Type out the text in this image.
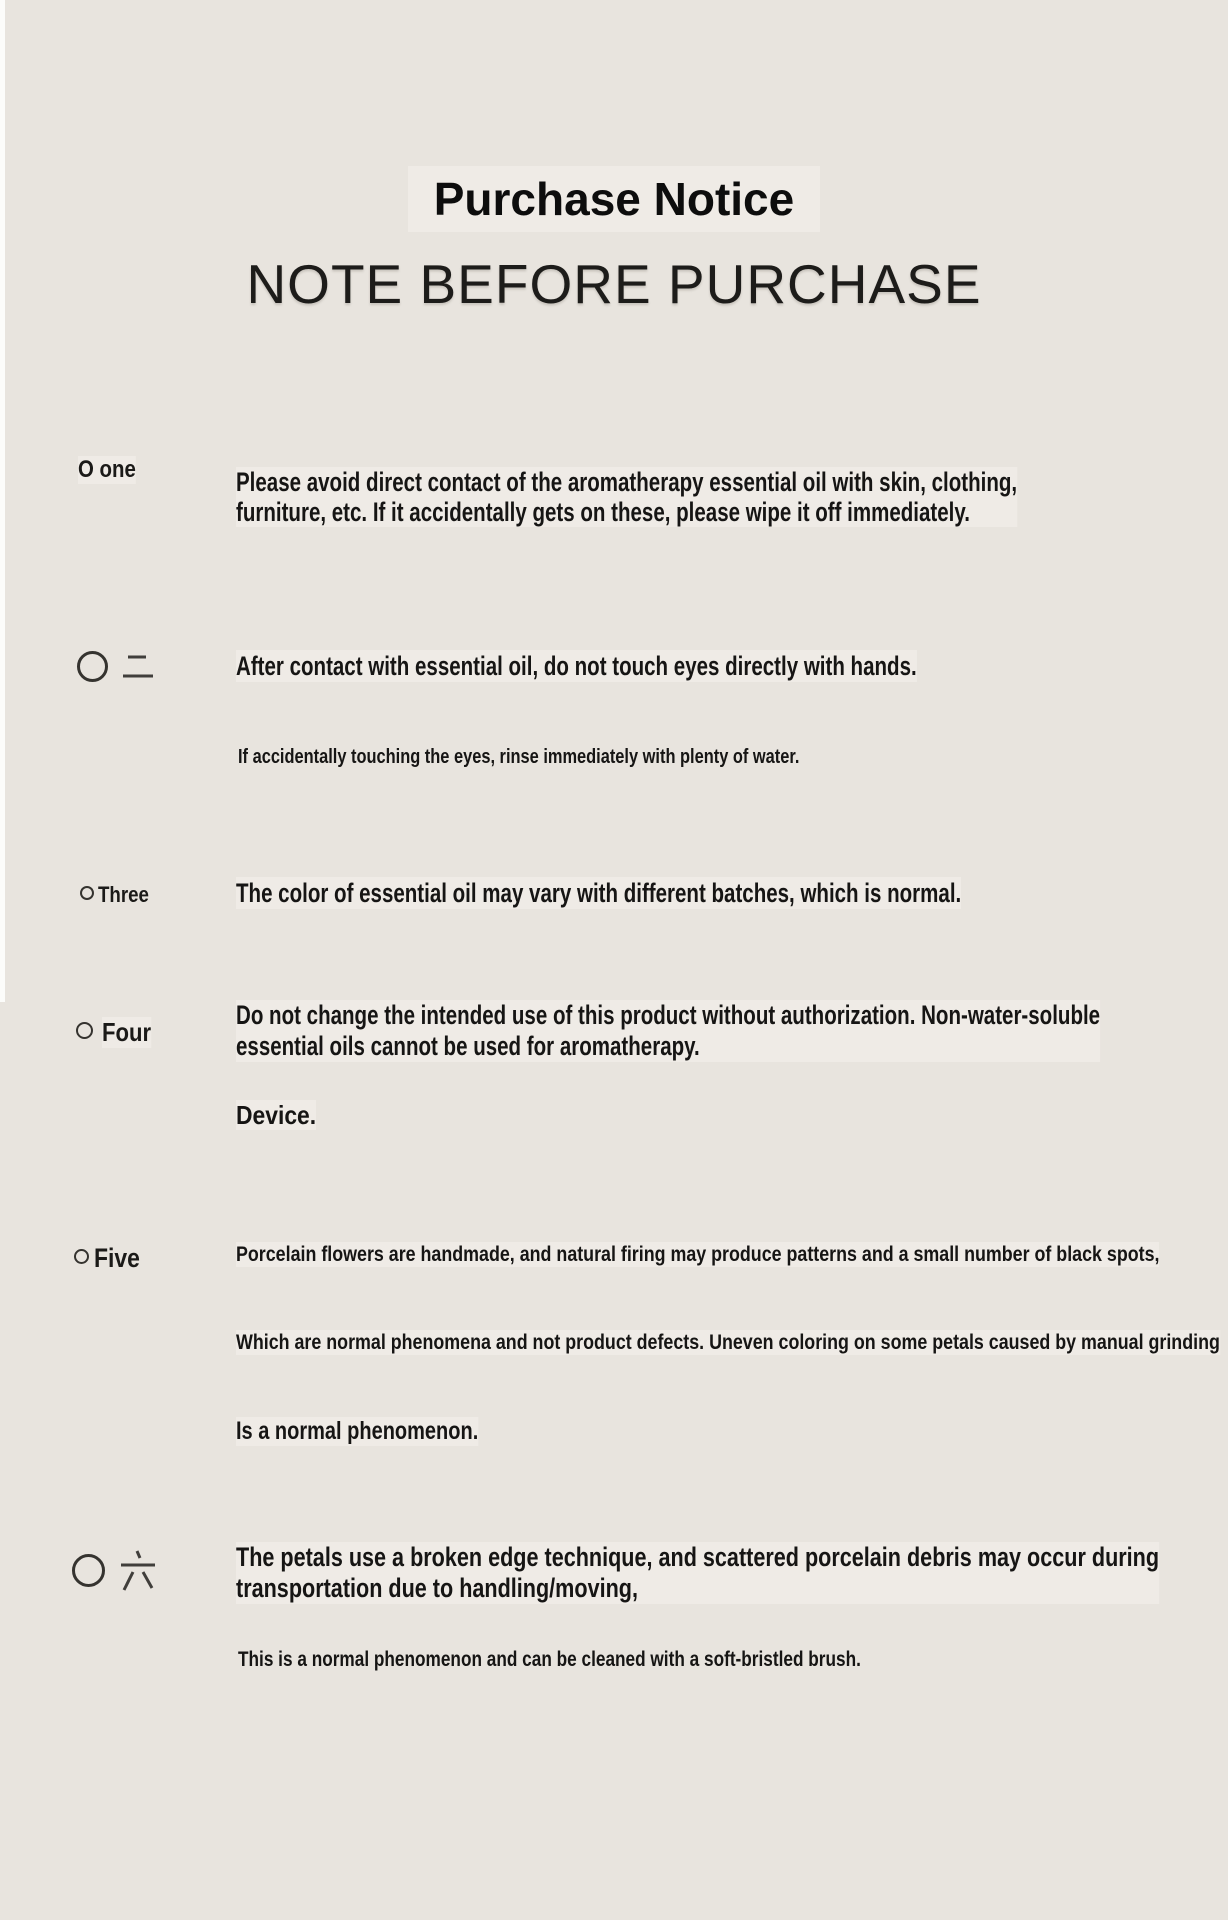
Purchase Notice
NOTE BEFORE PURCHASE
O one	Please avoid direct contact of the aromatherapy essential oil with skin, clothing,
furniture, etc. If it accidentally gets on these, please wipe it off immediately.
After contact with essential oil, do not touch eyes directly with hands.
If accidentally touching the eyes, rinse immediately with plenty of water.
Three	The color of essential oil may vary with different batches, which is normal.
Four
Do not change the intended use of this product without authorization. Non-water-soluble
essential oils cannot be used for aromatherapy.
Device.
Five	Porcelain flowers are handmade, and natural firing may produce patterns and a small number of black spots,
Which are normal phenomena and not product defects. Uneven coloring on some petals caused by manual grinding
Is a normal phenomenon.
The petals use a broken edge technique, and scattered porcelain debris may occur during
transportation due to handling/moving,
This is a normal phenomenon and can be cleaned with a soft-bristled brush.
